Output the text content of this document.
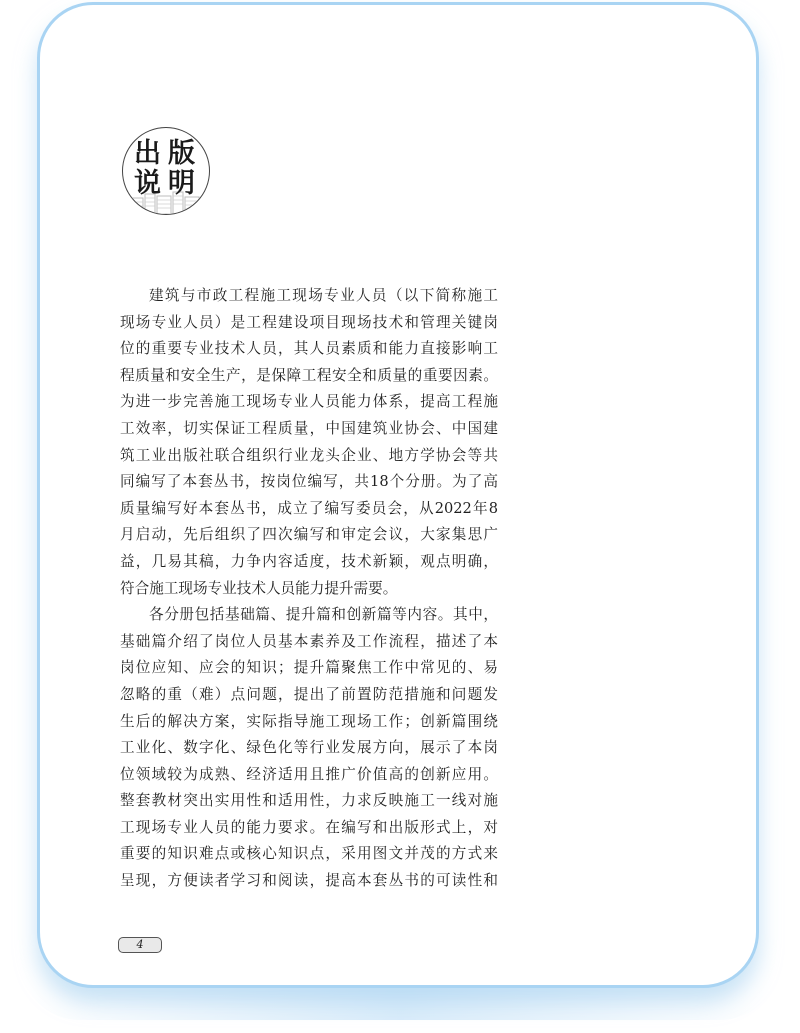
出 版
说 明
建筑与市政工程施工现场专业人员（以下简称施工
现场专业人员）是工程建设项目现场技术和管理关键岗
位的重要专业技术人员，其人员素质和能力直接影响工
程质量和安全生产，是保障工程安全和质量的重要因素。
为进一步完善施工现场专业人员能力体系，提高工程施
工效率，切实保证工程质量，中国建筑业协会、中国建
筑工业出版社联合组织行业龙头企业、地方学协会等共
同编写了本套丛书，按岗位编写，共18个分册。为了高
质量编写好本套丛书，成立了编写委员会，从2022年8
月启动，先后组织了四次编写和审定会议，大家集思广
益，几易其稿，力争内容适度，技术新颖，观点明确，
符合施工现场专业技术人员能力提升需要。
各分册包括基础篇、提升篇和创新篇等内容。其中，
基础篇介绍了岗位人员基本素养及工作流程，描述了本
岗位应知、应会的知识；提升篇聚焦工作中常见的、易
忽略的重（难）点问题，提出了前置防范措施和问题发
生后的解决方案，实际指导施工现场工作；创新篇围绕
工业化、数字化、绿色化等行业发展方向，展示了本岗
位领域较为成熟、经济适用且推广价值高的创新应用。
整套教材突出实用性和适用性，力求反映施工一线对施
工现场专业人员的能力要求。在编写和出版形式上，对
重要的知识难点或核心知识点，采用图文并茂的方式来
呈现，方便读者学习和阅读，提高本套丛书的可读性和
4
